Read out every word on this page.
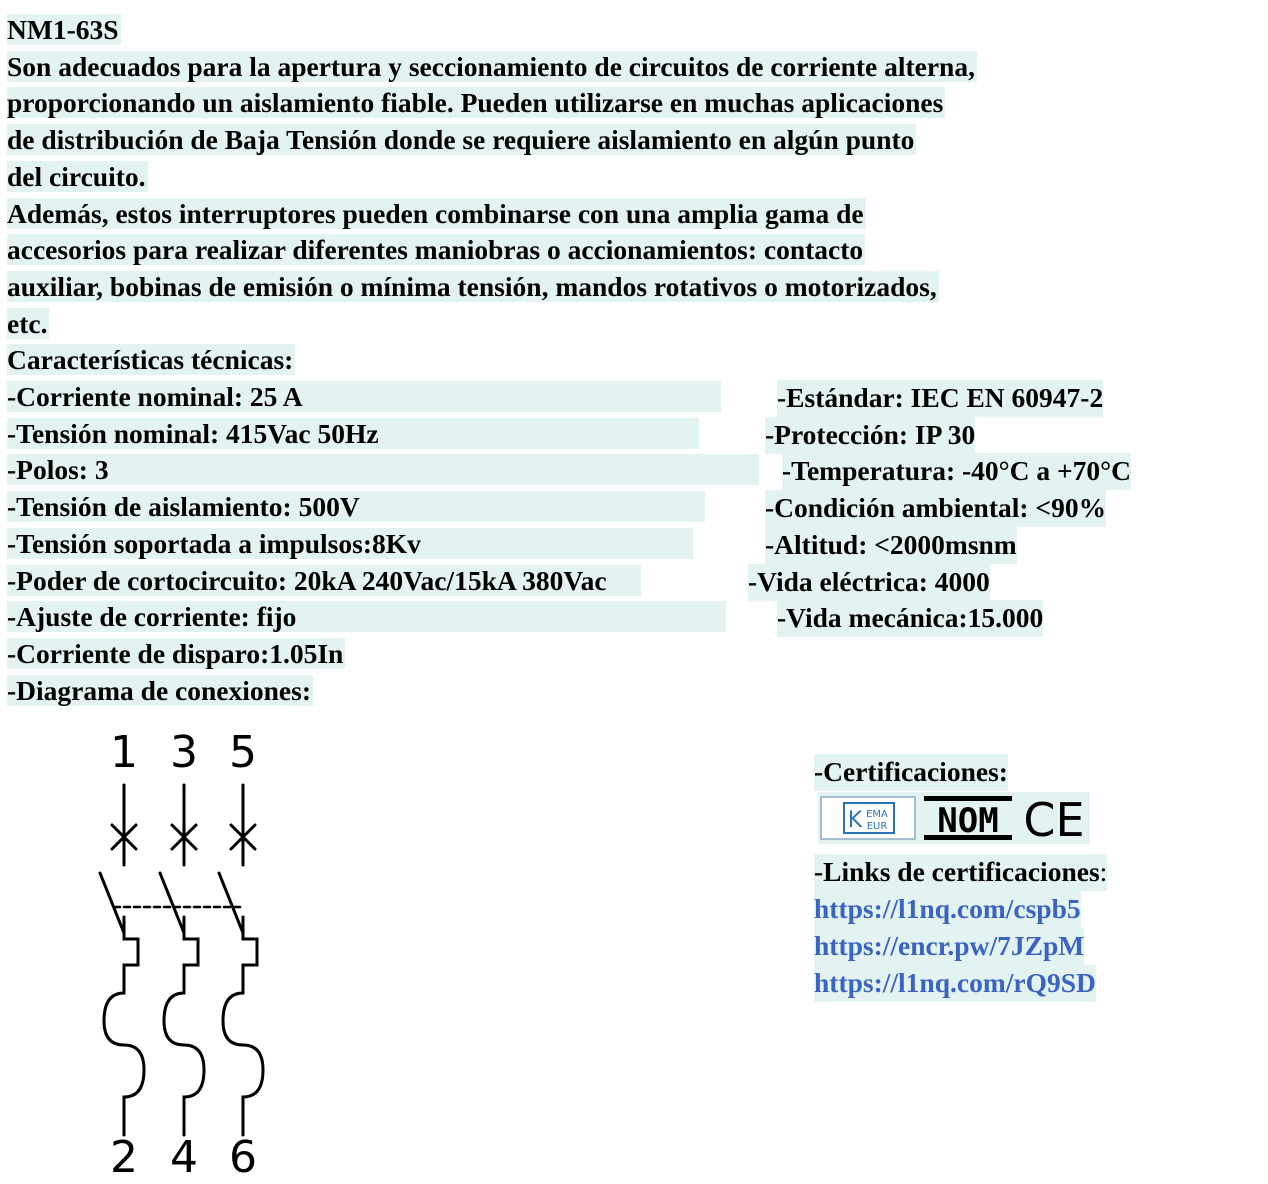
NM1-63S
Son adecuados para la apertura y seccionamiento de circuitos de corriente alterna,
proporcionando un aislamiento fiable. Pueden utilizarse en muchas aplicaciones
de distribución de Baja Tensión donde se requiere aislamiento en algún punto
del circuito.
Además, estos interruptores pueden combinarse con una amplia gama de
accesorios para realizar diferentes maniobras o accionamientos: contacto
auxiliar, bobinas de emisión o mínima tensión, mandos rotativos o motorizados,
etc.
Características técnicas:
-Corriente nominal: 25 A
-Tensión nominal: 415Vac 50Hz
-Polos: 3
-Tensión de aislamiento: 500V
-Tensión soportada a impulsos:8Kv
-Poder de cortocircuito: 20kA 240Vac/15kA 380Vac
-Ajuste de corriente: fijo
-Corriente de disparo:1.05In
-Diagrama de conexiones:
-Estándar: IEC EN 60947-2
-Protección: IP 30
-Temperatura: -40°C a +70°C
-Condición ambiental: <90%
-Altitud: <2000msnm
-Vida eléctrica: 4000
-Vida mecánica:15.000
1 3 5
2 4 6
-Certificaciones:
K EMA
EUR NOM CE
-Links de certificaciones:
https://l1nq.com/cspb5
https://encr.pw/7JZpM
https://l1nq.com/rQ9SD
